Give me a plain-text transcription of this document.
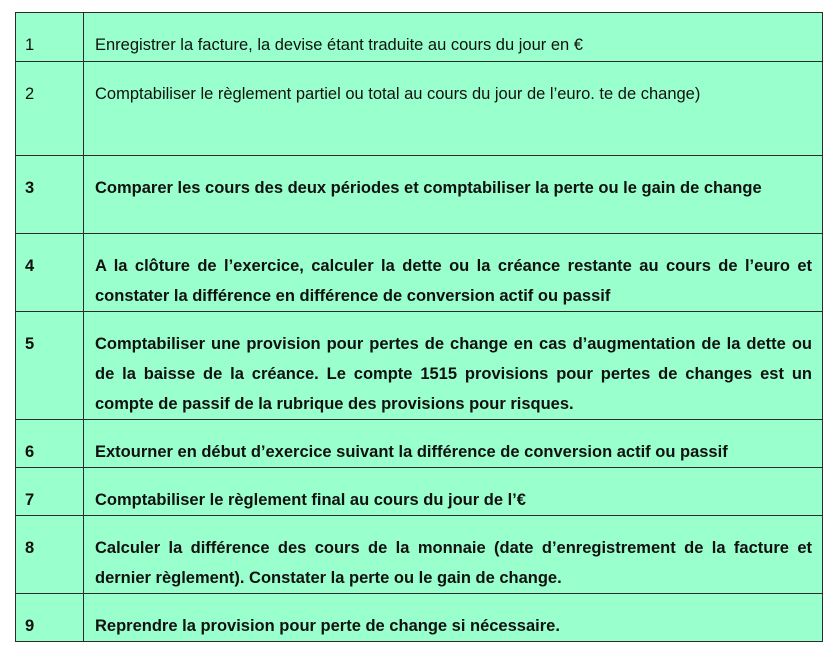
1	Enregistrer la facture, la devise étant traduite au cours du jour en €
2	Comptabiliser le règlement partiel ou total au cours du jour de l’euro. te de change)
3	Comparer les cours des deux périodes et comptabiliser la perte ou le gain de change
4	A la clôture de l’exercice, calculer la dette ou la créance restante au cours de l’euro et constater la différence en différence de conversion actif ou passif
5	Comptabiliser une provision pour pertes de change en cas d’augmentation de la dette ou de la baisse de la créance. Le compte 1515 provisions pour pertes de changes est un compte de passif de la rubrique des provisions pour risques.
6	Extourner en début d’exercice suivant la différence de conversion actif ou passif
7	Comptabiliser le règlement final au cours du jour de l’€
8	Calculer la différence des cours de la monnaie (date d’enregistrement de la facture et dernier règlement). Constater la perte ou le gain de change.
9	Reprendre la provision pour perte de change si nécessaire.
